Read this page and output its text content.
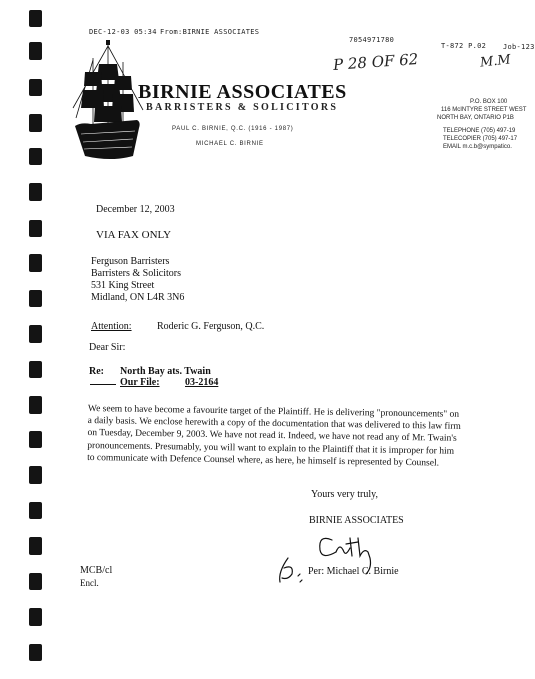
DEC-12-03 05:34 From:BIRNIE ASSOCIATES
7054971780
T-872 P.02 Job-123
P 28 OF 62	M.M
BIRNIE ASSOCIATES
BARRISTERS & SOLICITORS
PAUL C. BIRNIE, Q.C. (1916 - 1987)
MICHAEL C. BIRNIE
P.O. BOX 100
116 McINTYRE STREET WEST
NORTH BAY, ONTARIO P1B
TELEPHONE (705) 497-19
TELECOPIER (705) 497-17
EMAIL m.c.b@sympatico.
December 12, 2003
VIA FAX ONLY
Ferguson Barristers
Barristers & Solicitors
531 King Street
Midland, ON L4R 3N6
Attention:	Roderic G. Ferguson, Q.C.
Dear Sir:
Re: North Bay ats. Twain
Our File:	03-2164
We seem to have become a favourite target of the Plaintiff. He is delivering "pronouncements" on
a daily basis. We enclose herewith a copy of the documentation that was delivered to this law firm
on Tuesday, December 9, 2003. We have not read it. Indeed, we have not read any of Mr. Twain's
pronouncements. Presumably, you will want to explain to the Plaintiff that it is improper for him
to communicate with Defence Counsel where, as here, he himself is represented by Counsel.
Yours very truly,
BIRNIE ASSOCIATES
Per: Michael C. Birnie
MCB/cl
Encl.
